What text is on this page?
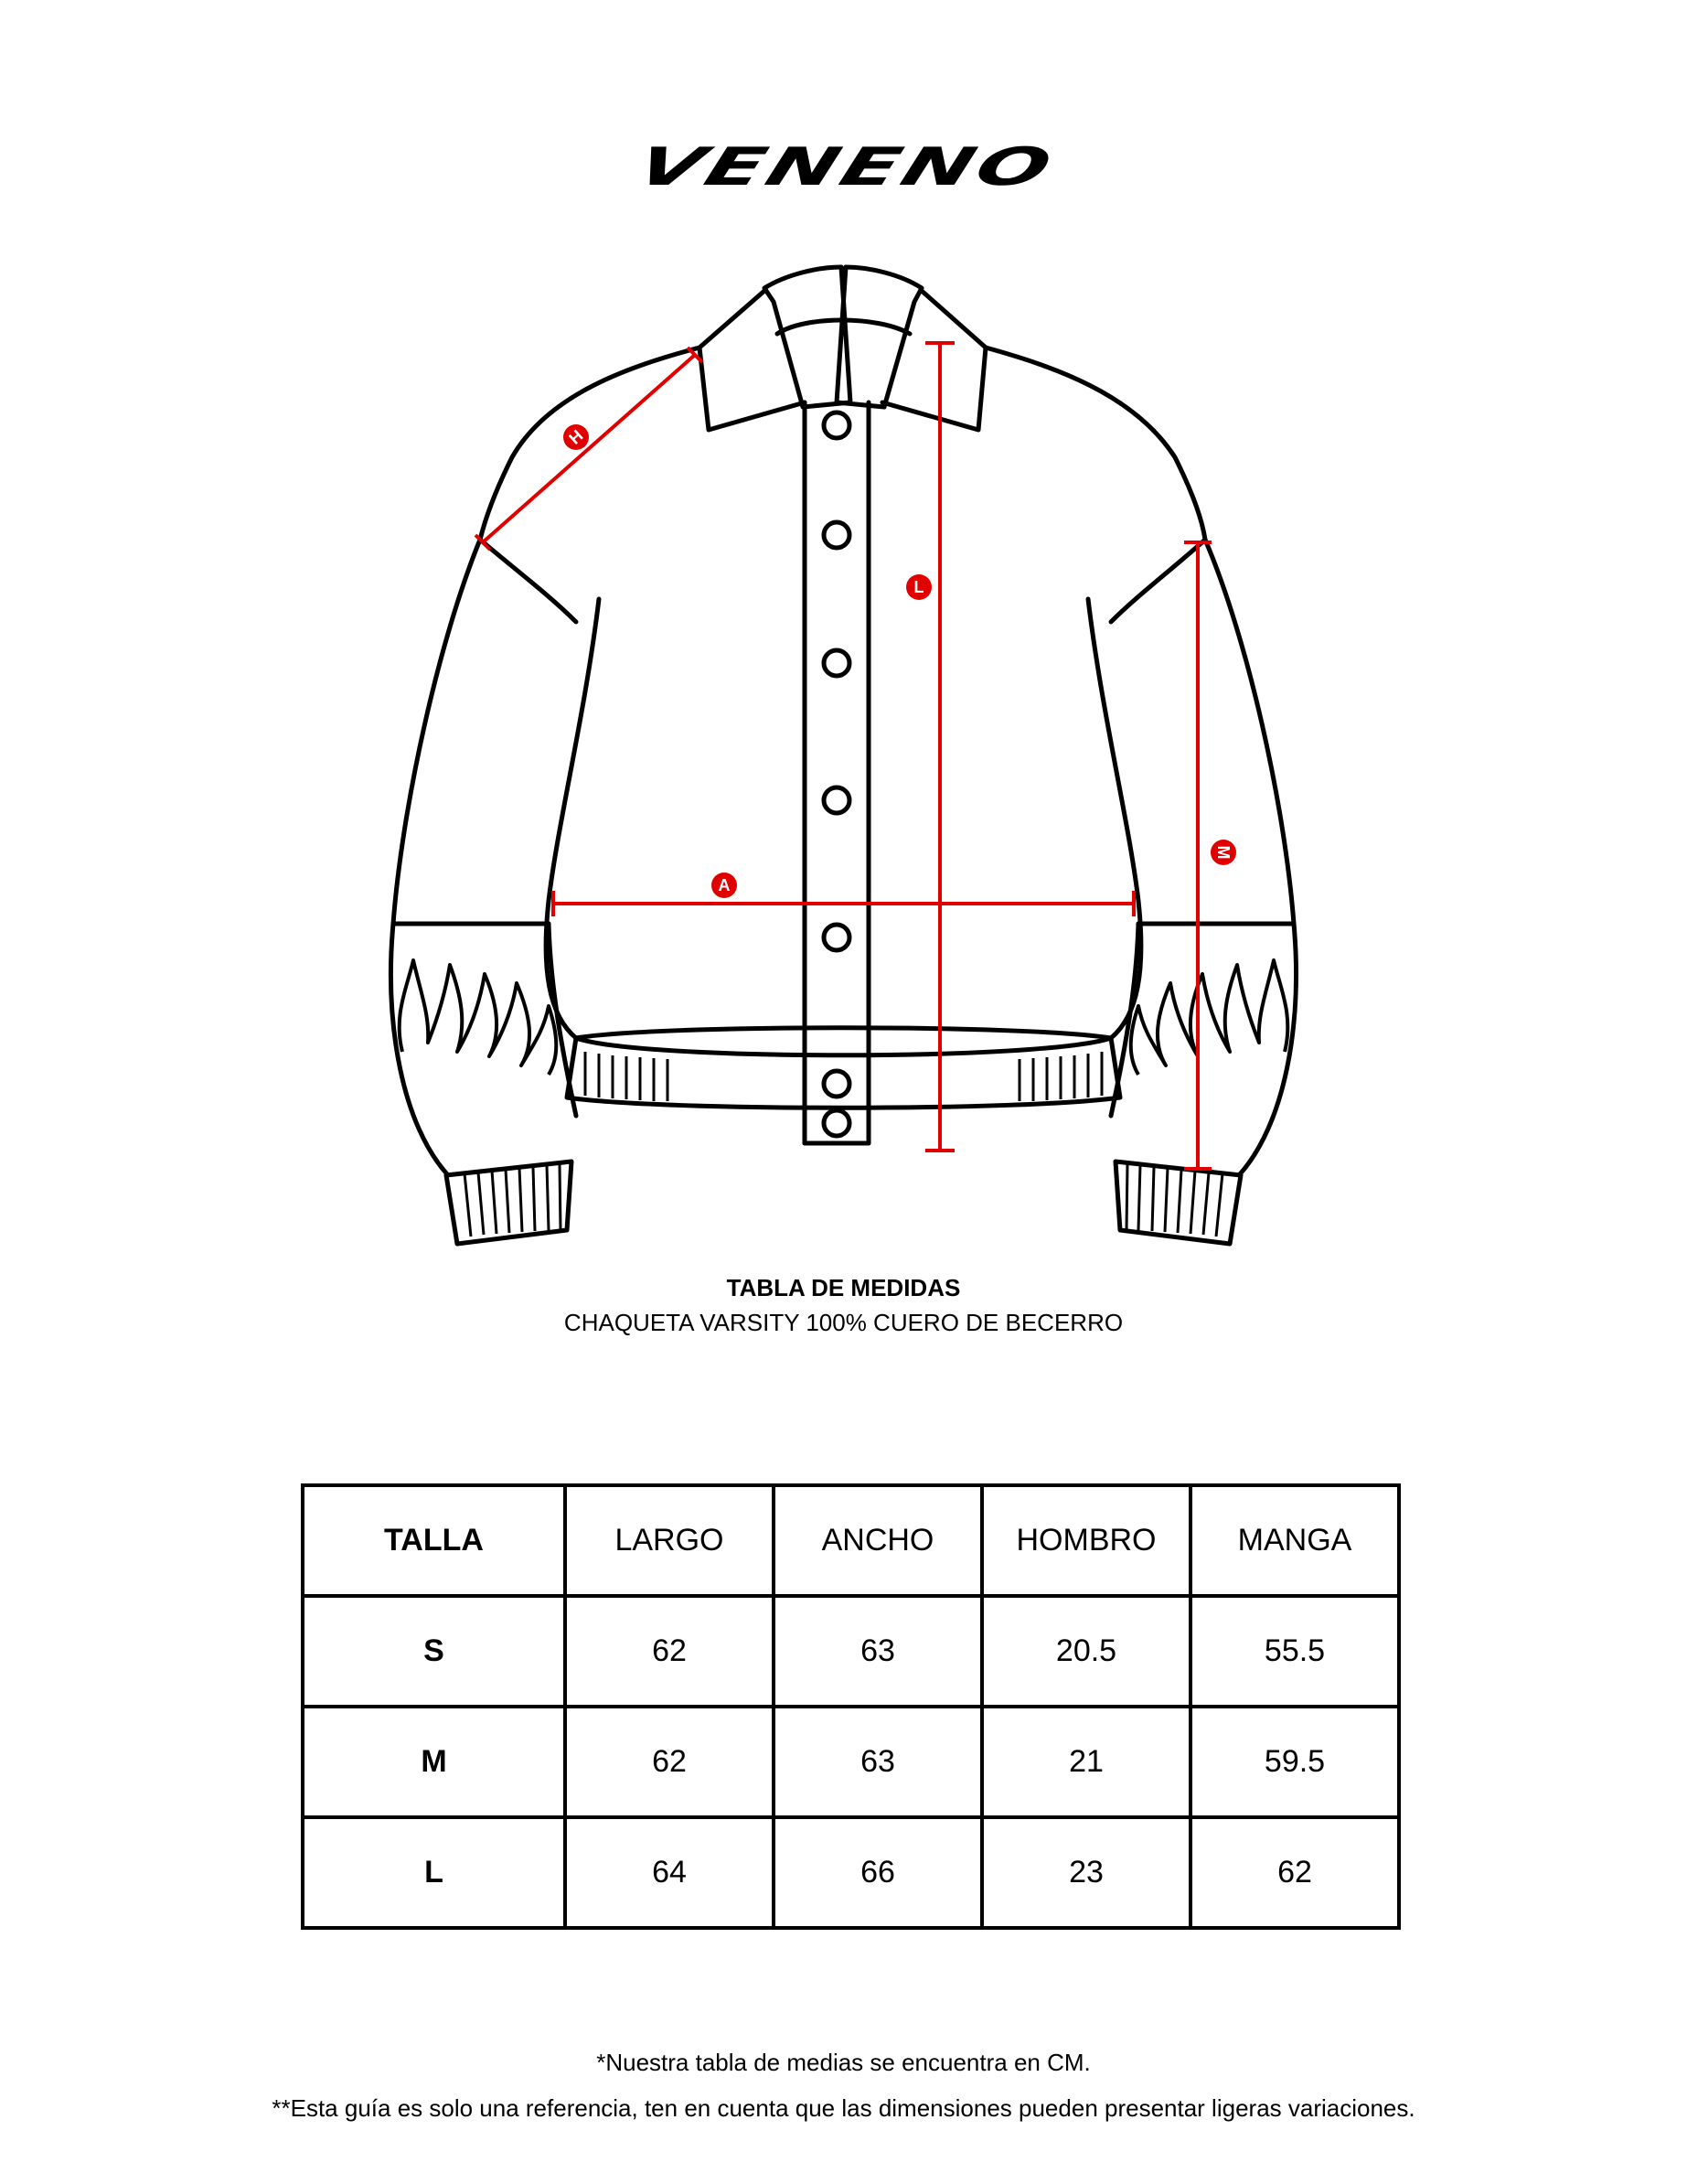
VENENO
H
L
A
M
TABLA DE MEDIDAS
CHAQUETA VARSITY 100% CUERO DE BECERRO
TALLA	LARGO	ANCHO	HOMBRO	MANGA
S	62	63	20.5	55.5
M	62	63	21	59.5
L	64	66	23	62
*Nuestra tabla de medias se encuentra en CM.
**Esta guía es solo una referencia, ten en cuenta que las dimensiones pueden presentar ligeras variaciones.
